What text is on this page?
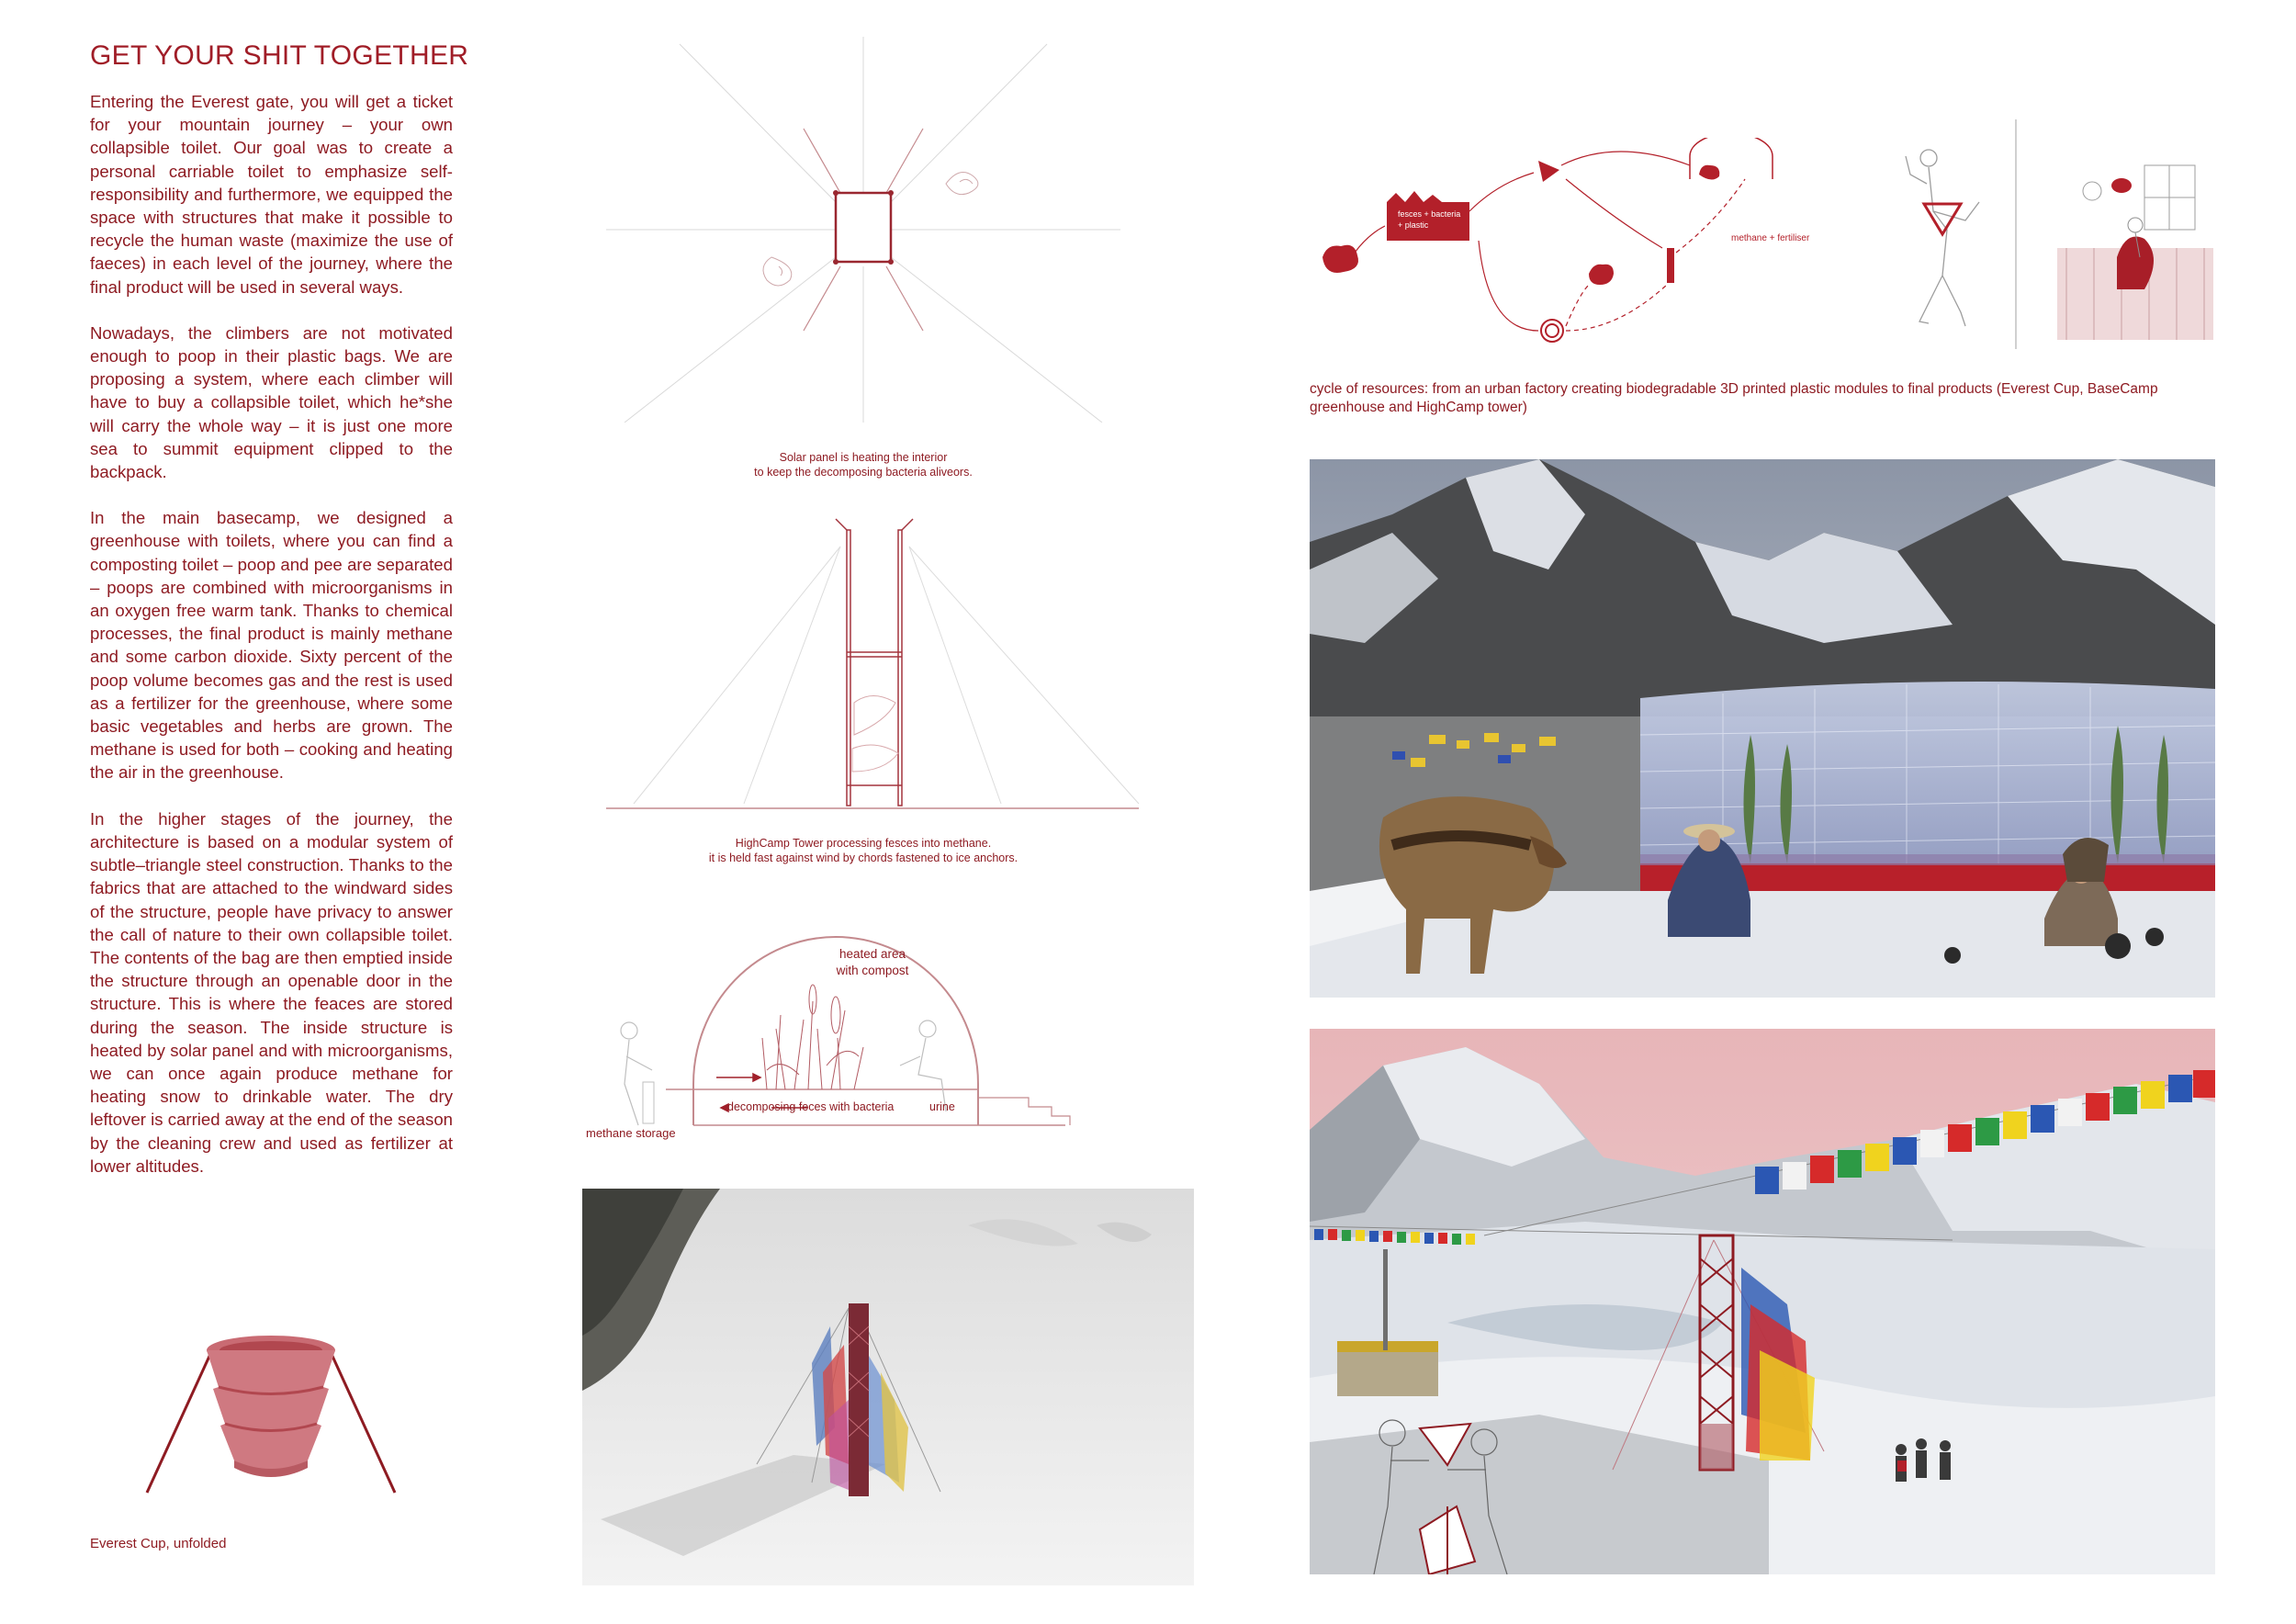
GET YOUR SHIT TOGETHER

Entering the Everest gate, you will get a ticket for your mountain journey – your own collapsible toilet. Our goal was to create a personal carriable toilet to emphasize self-responsibility and furthermore, we equipped the space with structures that make it possible to recycle the human waste (maximize the use of faeces) in each level of the journey, where the final product will be used in several ways.

Nowadays, the climbers are not motivated enough to poop in their plastic bags. We are proposing a system, where each climber will have to buy a collapsible toilet, which he*she will carry the whole way – it is just one more sea to summit equipment clipped to the backpack.

In the main basecamp, we designed a greenhouse with toilets, where you can find a composting toilet – poop and pee are separated – poops are combined with microorganisms in an oxygen free warm tank. Thanks to chemical processes, the final product is mainly methane and some carbon dioxide. Sixty percent of the poop volume becomes gas and the rest is used as a fertilizer for the greenhouse, where some basic vegetables and herbs are grown. The methane is used for both – cooking and heating the air in the greenhouse.

In the higher stages of the journey, the architecture is based on a modular system of subtle–triangle steel construction. Thanks to the fabrics that are attached to the windward sides of the structure, people have privacy to answer the call of nature to their own collapsible toilet. The contents of the bag are then emptied inside the structure through an openable door in the structure. This is where the feaces are stored during the season. The inside structure is heated by solar panel and with microorganisms, we can once again produce methane for heating snow to drinkable water. The dry leftover is carried away at the end of the season by the cleaning crew and used as fertilizer at lower altitudes.

Everest Cup, unfolded
Solar panel is heating the interior
to keep the decomposing bacteria aliveors.
HighCamp Tower processing fesces into methane.
it is held fast against wind by chords fastened to ice anchors.
heated area
with compost
decomposing feces with bacteria	urine
methane storage
fesces + bacteria
+ plastic
methane + fertiliser
cycle of resources: from an urban factory creating biodegradable 3D printed plastic modules to final products (Everest Cup, BaseCamp
greenhouse and HighCamp tower)
